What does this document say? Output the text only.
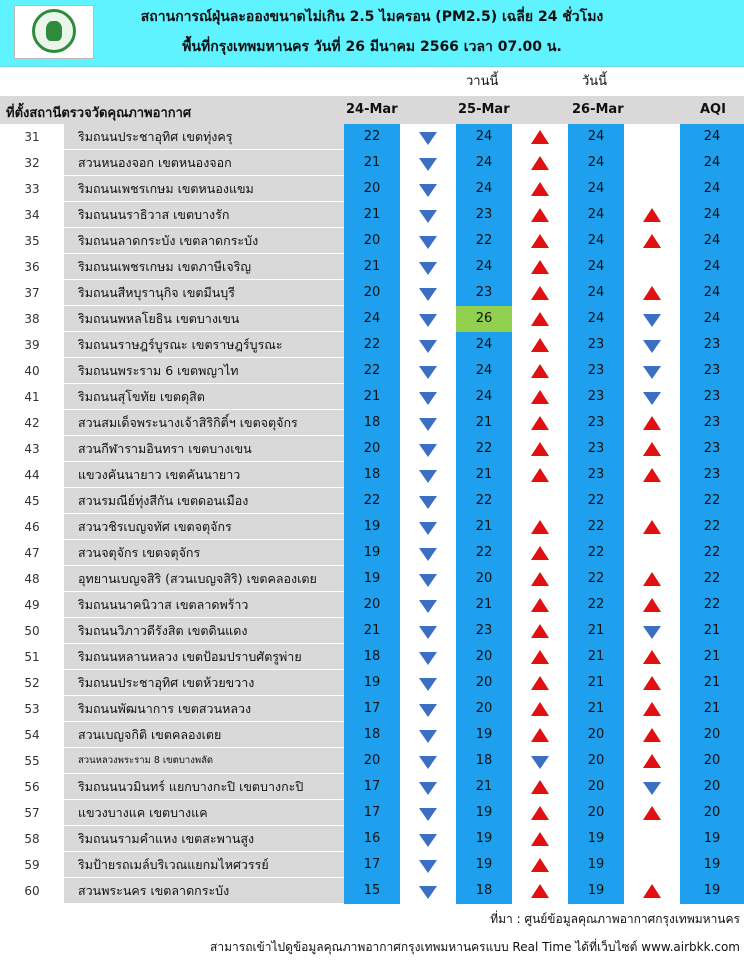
สถานการณ์ฝุ่นละอองขนาดไม่เกิน 2.5 ไมครอน (PM2.5) เฉลี่ย 24 ชั่วโมง
พื้นที่กรุงเทพมหานคร วันที่ 26 มีนาคม 2566 เวลา 07.00 น.
วานนี้	วันนี้
ที่ตั้งสถานีตรวจวัดคุณภาพอากาศ	24-Mar	25-Mar	26-Mar	AQI
31	ริมถนนประชาอุทิศ เขตทุ่งครุ	22	24	24	24
32	สวนหนองจอก เขตหนองจอก	21	24	24	24
33	ริมถนนเพชรเกษม เขตหนองแขม	20	24	24	24
34	ริมถนนนราธิวาส เขตบางรัก	21	23	24	24
35	ริมถนนลาดกระบัง เขตลาดกระบัง	20	22	24	24
36	ริมถนนเพชรเกษม เขตภาษีเจริญ	21	24	24	24
37	ริมถนนสีหบุรานุกิจ เขตมีนบุรี	20	23	24	24
38	ริมถนนพหลโยธิน เขตบางเขน	24	26	24	24
39	ริมถนนราษฎร์บูรณะ เขตราษฎร์บูรณะ	22	24	23	23
40	ริมถนนพระราม 6 เขตพญาไท	22	24	23	23
41	ริมถนนสุโขทัย เขตดุสิต	21	24	23	23
42	สวนสมเด็จพระนางเจ้าสิริกิติ์ฯ เขตจตุจักร	18	21	23	23
43	สวนกีฬารามอินทรา เขตบางเขน	20	22	23	23
44	แขวงคันนายาว เขตคันนายาว	18	21	23	23
45	สวนรมณีย์ทุ่งสีกัน เขตดอนเมือง	22	22	22	22
46	สวนวชิรเบญจทัศ เขตจตุจักร	19	21	22	22
47	สวนจตุจักร เขตจตุจักร	19	22	22	22
48	อุทยานเบญจสิริ (สวนเบญจสิริ) เขตคลองเตย	19	20	22	22
49	ริมถนนนาคนิวาส เขตลาดพร้าว	20	21	22	22
50	ริมถนนวิภาวดีรังสิต เขตดินแดง	21	23	21	21
51	ริมถนนหลานหลวง เขตป้อมปราบศัตรูพ่าย	18	20	21	21
52	ริมถนนประชาอุทิศ เขตห้วยขวาง	19	20	21	21
53	ริมถนนพัฒนาการ เขตสวนหลวง	17	20	21	21
54	สวนเบญจกิติ เขตคลองเตย	18	19	20	20
55	สวนหลวงพระราม 8 เขตบางพลัด	20	18	20	20
56	ริมถนนนวมินทร์ แยกบางกะปิ เขตบางกะปิ	17	21	20	20
57	แขวงบางแค เขตบางแค	17	19	20	20
58	ริมถนนรามคำแหง เขตสะพานสูง	16	19	19	19
59	ริมป้ายรถเมล์บริเวณแยกมไหศวรรย์	17	19	19	19
60	สวนพระนคร เขตลาดกระบัง	15	18	19	19
ที่มา : ศูนย์ข้อมูลคุณภาพอากาศกรุงเทพมหานคร
สามารถเข้าไปดูข้อมูลคุณภาพอากาศกรุงเทพมหานครแบบ Real Time ได้ที่เว็บไซต์ www.airbkk.com
